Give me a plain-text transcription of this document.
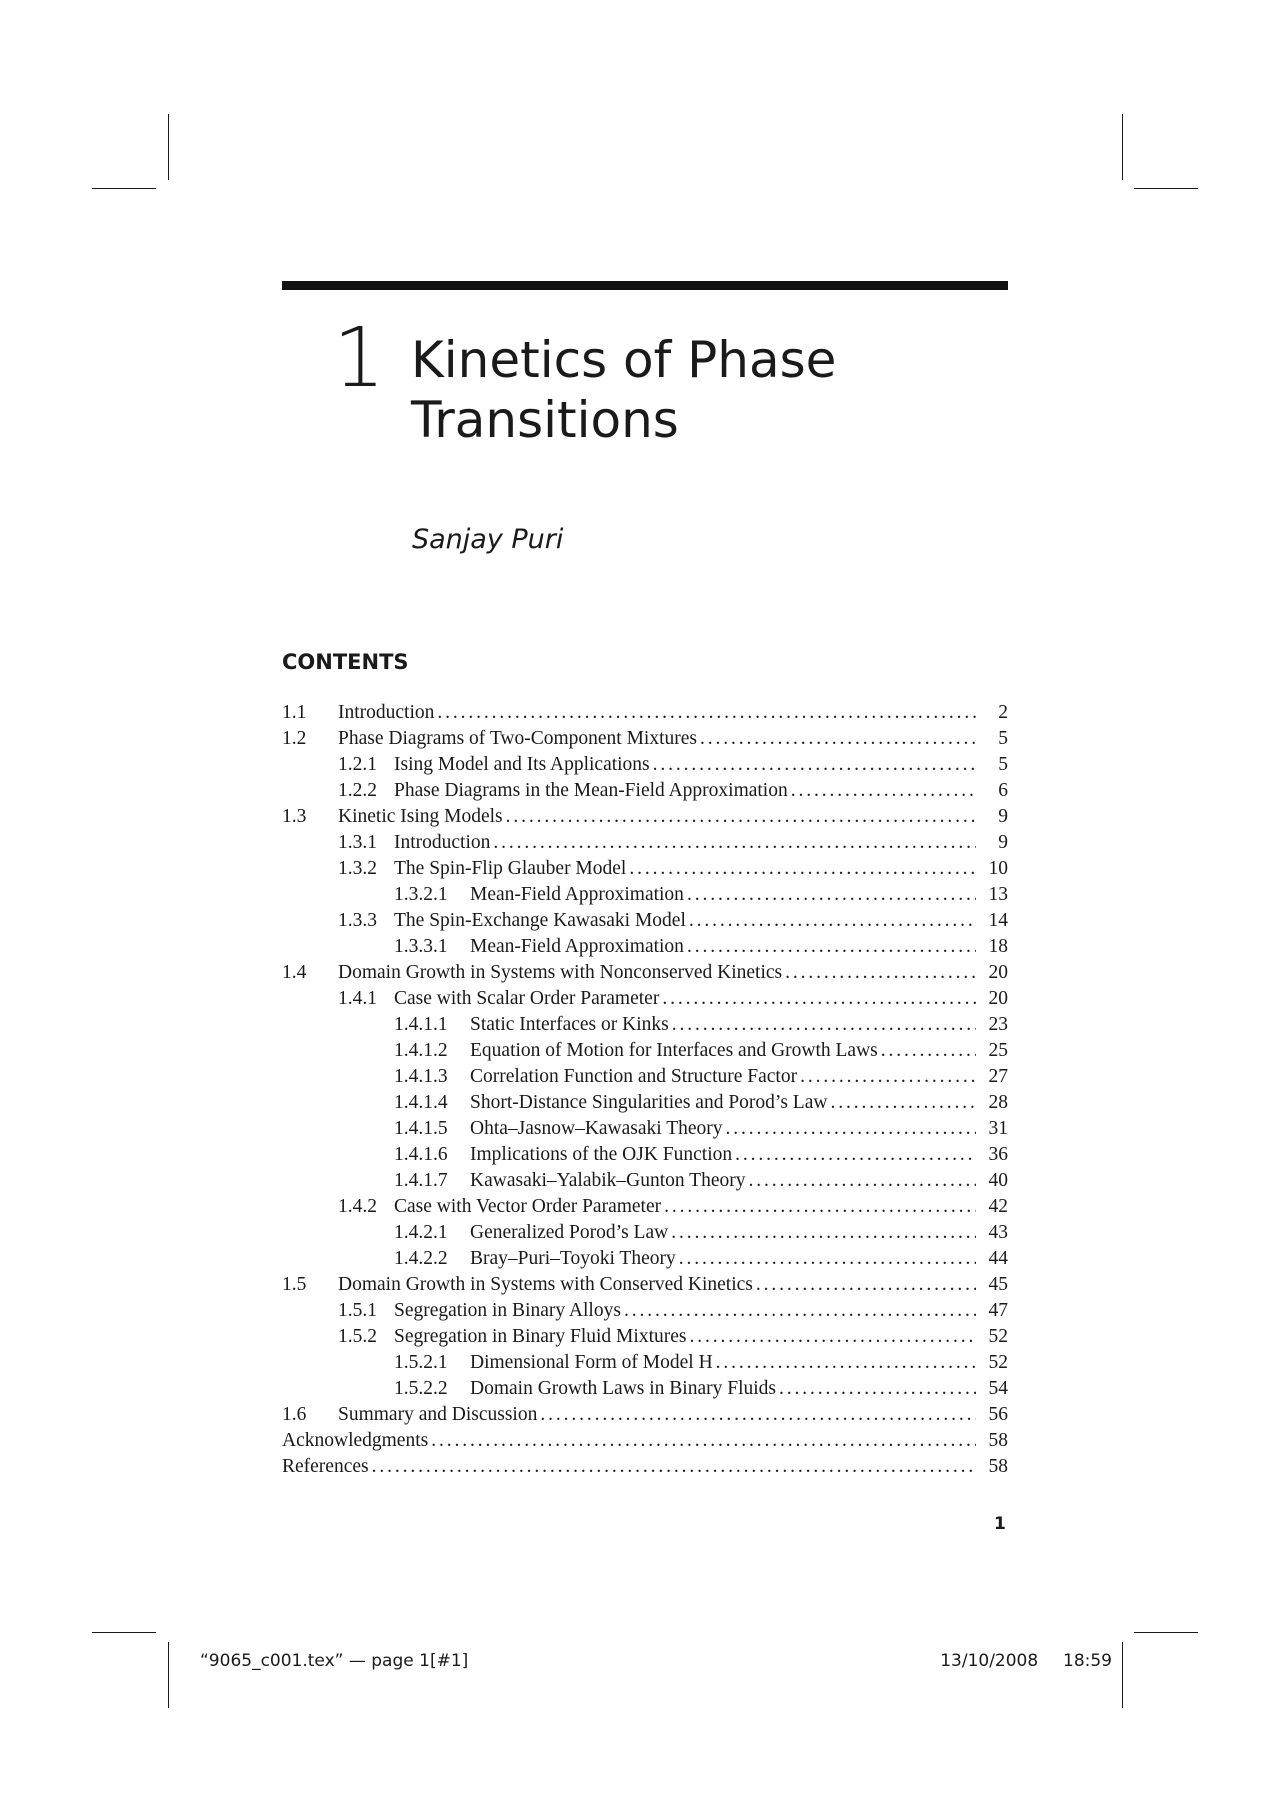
1 Kinetics of Phase
Transitions
Sanjay Puri
CONTENTS
1.1	Introduction . . .	2
1.2	Phase Diagrams of Two-Component Mixtures . . .	5
1.2.1 Ising Model and Its Applications . . .	5
1.2.2 Phase Diagrams in the Mean-Field Approximation . . .	6
1.3	Kinetic Ising Models . . .	9
1.3.1 Introduction . . .	9
1.3.2 The Spin-Flip Glauber Model . . .	10
1.3.2.1	Mean-Field Approximation . . .	13
1.3.3 The Spin-Exchange Kawasaki Model . . .	14
1.3.3.1	Mean-Field Approximation . . .	18
1.4	Domain Growth in Systems with Nonconserved Kinetics . . .	20
1.4.1 Case with Scalar Order Parameter . . .	20
1.4.1.1	Static Interfaces or Kinks . . .	23
1.4.1.2	Equation of Motion for Interfaces and Growth Laws . . .	25
1.4.1.3	Correlation Function and Structure Factor . . .	27
1.4.1.4	Short-Distance Singularities and Porod’s Law . . .	28
1.4.1.5	Ohta–Jasnow–Kawasaki Theory . . .	31
1.4.1.6	Implications of the OJK Function . . .	36
1.4.1.7	Kawasaki–Yalabik–Gunton Theory . . .	40
1.4.2 Case with Vector Order Parameter . . .	42
1.4.2.1	Generalized Porod’s Law . . .	43
1.4.2.2	Bray–Puri–Toyoki Theory . . .	44
1.5	Domain Growth in Systems with Conserved Kinetics . . .	45
1.5.1 Segregation in Binary Alloys . . .	47
1.5.2 Segregation in Binary Fluid Mixtures . . .	52
1.5.2.1	Dimensional Form of Model H . . .	52
1.5.2.2	Domain Growth Laws in Binary Fluids . . .	54
1.6	Summary and Discussion . . .	56
Acknowledgments . . .	58
References . . .	58
1
“9065_c001.tex” — page 1[#1]	13/10/2008 18:59
